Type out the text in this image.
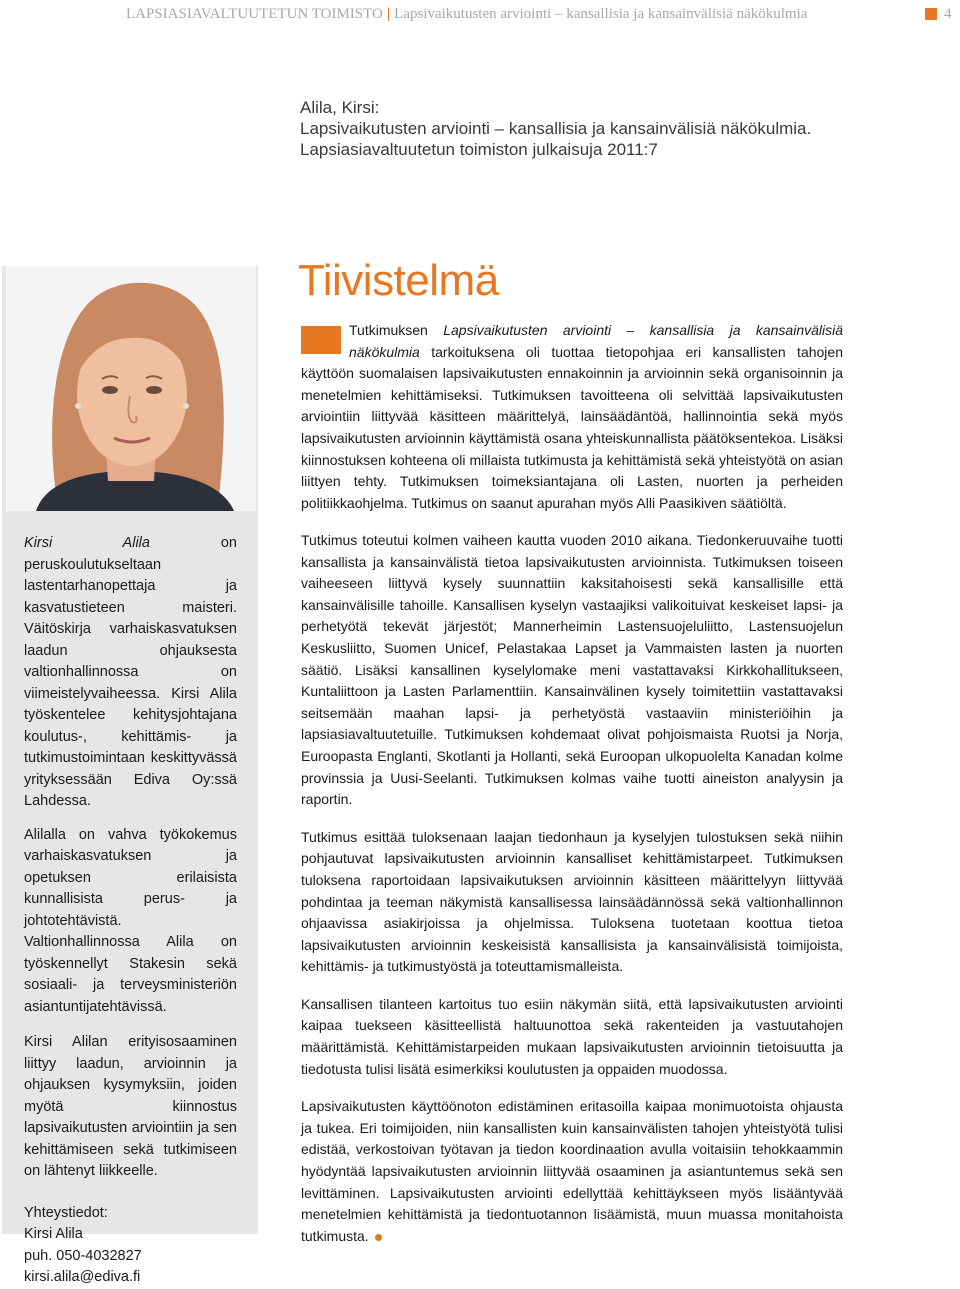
LAPSIASIAVALTUUTETUN TOIMISTO | Lapsivaikutusten arviointi – kansallisia ja kansainvälisiä näkökulmia	4
Alila, Kirsi:
Lapsivaikutusten arviointi – kansallisia ja kansainvälisiä näkökulmia.
Lapsiasiavaltuutetun toimiston julkaisuja 2011:7

Kirsi Alila on peruskoulutukseltaan lastentarhanopettaja ja kasvatustieteen maisteri. Väitöskirja varhaiskasvatuksen laadun ohjauksesta valtionhallinnossa on viimeistelyvaiheessa. Kirsi Alila työskentelee kehitysjohtajana koulutus-, kehittämis- ja tutkimustoimintaan keskittyvässä yrityksessään Ediva Oy:ssä Lahdessa.

Alilalla on vahva työkokemus varhaiskasvatuksen ja opetuksen erilaisista kunnallisista perus- ja johtotehtävistä. Valtionhallinnossa Alila on työskennellyt Stakesin sekä sosiaali- ja terveysministeriön asiantuntijatehtävissä.

Kirsi Alilan erityisosaaminen liittyy laadun, arvioinnin ja ohjauksen kysymyksiin, joiden myötä kiinnostus lapsivaikutusten arviointiin ja sen kehittämiseen sekä tutkimiseen on lähtenyt liikkeelle.

Yhteystiedot:
Kirsi Alila
puh. 050-4032827
kirsi.alila@ediva.fi
Tiivistelmä
Tutkimuksen Lapsivaikutusten arviointi – kansallisia ja kansainvälisiä näkökulmia tarkoituksena oli tuottaa tietopohjaa eri kansallisten tahojen käyttöön suomalaisen lapsivaikutusten ennakoinnin ja arvioinnin sekä organisoinnin ja menetelmien kehittämiseksi. Tutkimuksen tavoitteena oli selvittää lapsivaikutusten arviointiin liittyvää käsitteen määrittelyä, lainsäädäntöä, hallinnointia sekä myös lapsivaikutusten arvioinnin käyttämistä osana yhteiskunnallista päätöksentekoa. Lisäksi kiinnostuksen kohteena oli millaista tutkimusta ja kehittämistä sekä yhteistyötä on asian liittyen tehty. Tutkimuksen toimeksiantajana oli Lasten, nuorten ja perheiden politiikkaohjelma. Tutkimus on saanut apurahan myös Alli Paasikiven säätiöltä.

Tutkimus toteutui kolmen vaiheen kautta vuoden 2010 aikana. Tiedonkeruuvaihe tuotti kansallista ja kansainvälistä tietoa lapsivaikutusten arvioinnista. Tutkimuksen toiseen vaiheeseen liittyvä kysely suunnattiin kaksitahoisesti sekä kansallisille että kansainvälisille tahoille. Kansallisen kyselyn vastaajiksi valikoituivat keskeiset lapsi- ja perhetyötä tekevät järjestöt; Mannerheimin Lastensuojeluliitto, Lastensuojelun Keskusliitto, Suomen Unicef, Pelastakaa Lapset ja Vammaisten lasten ja nuorten säätiö. Lisäksi kansallinen kyselylomake meni vastattavaksi Kirkkohallitukseen, Kuntaliittoon ja Lasten Parlamenttiin. Kansainvälinen kysely toimitettiin vastattavaksi seitsemään maahan lapsi- ja perhetyöstä vastaaviin ministeriöihin ja lapsiasiavaltuutetuille. Tutkimuksen kohdemaat olivat pohjoismaista Ruotsi ja Norja, Euroopasta Englanti, Skotlanti ja Hollanti, sekä Euroopan ulkopuolelta Kanadan kolme provinssia ja Uusi-Seelanti. Tutkimuksen kolmas vaihe tuotti aineiston analyysin ja raportin.

Tutkimus esittää tuloksenaan laajan tiedonhaun ja kyselyjen tulostuksen sekä niihin pohjautuvat lapsivaikutusten arvioinnin kansalliset kehittämistarpeet. Tutkimuksen tuloksena raportoidaan lapsivaikutuksen arvioinnin käsitteen määrittelyyn liittyvää pohdintaa ja teeman näkymistä kansallisessa lainsäädännössä sekä valtionhallinnon ohjaavissa asiakirjoissa ja ohjelmissa. Tuloksena tuotetaan koottua tietoa lapsivaikutusten arvioinnin keskeisistä kansallisista ja kansainvälisistä toimijoista, kehittämis- ja tutkimustyöstä ja toteuttamismalleista.

Kansallisen tilanteen kartoitus tuo esiin näkymän siitä, että lapsivaikutusten arviointi kaipaa tuekseen käsitteellistä haltuunottoa sekä rakenteiden ja vastuutahojen määrittämistä. Kehittämistarpeiden mukaan lapsivaikutusten arvioinnin tietoisuutta ja tiedotusta tulisi lisätä esimerkiksi koulutusten ja oppaiden muodossa.

Lapsivaikutusten käyttöönoton edistäminen eritasoilla kaipaa monimuotoista ohjausta ja tukea. Eri toimijoiden, niin kansallisten kuin kansainvälisten tahojen yhteistyötä tulisi edistää, verkostoivan työtavan ja tiedon koordinaation avulla voitaisiin tehokkaammin hyödyntää lapsivaikutusten arvioinnin liittyvää osaaminen ja asiantuntemus sekä sen levittäminen. Lapsivaikutusten arviointi edellyttää kehittäykseen myös lisääntyvää menetelmien kehittämistä ja tiedontuotannon lisäämistä, muun muassa monitahoista tutkimusta.
